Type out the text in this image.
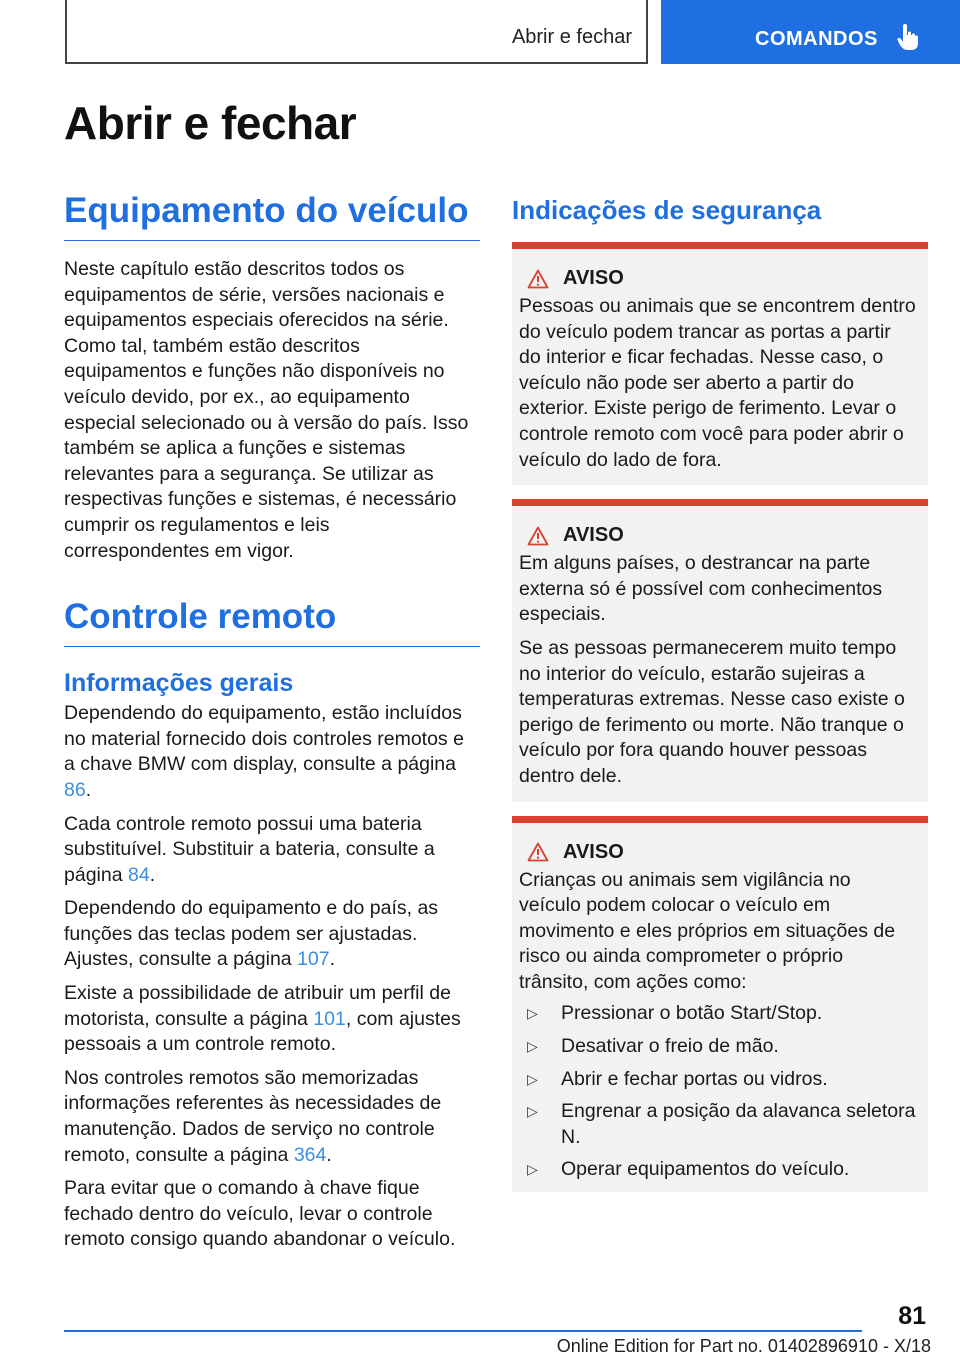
Abrir e fechar	COMANDOS
Abrir e fechar
Equipamento do veículo

Neste capítulo estão descritos todos os equipamentos de série, versões nacionais e equipamentos especiais oferecidos na série. Como tal, também estão descritos equipamentos e funções não disponíveis no veículo devido, por ex., ao equipamento especial selecionado ou à versão do país. Isso também se aplica a funções e sistemas relevantes para a segurança. Se utilizar as respectivas funções e sistemas, é necessário cumprir os regulamentos e leis correspondentes em vigor.

Controle remoto
Informações gerais

Dependendo do equipamento, estão incluídos no material fornecido dois controles remotos e a chave BMW com display, consulte a página 86.

Cada controle remoto possui uma bateria substituível. Substituir a bateria, consulte a página 84.

Dependendo do equipamento e do país, as funções das teclas podem ser ajustadas. Ajustes, consulte a página 107.

Existe a possibilidade de atribuir um perfil de motorista, consulte a página 101, com ajustes pessoais a um controle remoto.

Nos controles remotos são memorizadas informações referentes às necessidades de manutenção. Dados de serviço no controle remoto, consulte a página 364.

Para evitar que o comando à chave fique fechado dentro do veículo, levar o controle remoto consigo quando abandonar o veículo.

Indicações de segurança
AVISO

Pessoas ou animais que se encontrem dentro do veículo podem trancar as portas a partir do interior e ficar fechadas. Nesse caso, o veículo não pode ser aberto a partir do exterior. Existe perigo de ferimento. Levar o controle remoto com você para poder abrir o veículo do lado de fora.

AVISO

Em alguns países, o destrancar na parte externa só é possível com conhecimentos especiais.

Se as pessoas permanecerem muito tempo no interior do veículo, estarão sujeiras a temperaturas extremas. Nesse caso existe o perigo de ferimento ou morte. Não tranque o veículo por fora quando houver pessoas dentro dele.

AVISO

Crianças ou animais sem vigilância no veículo podem colocar o veículo em movimento e eles próprios em situações de risco ou ainda comprometer o próprio trânsito, com ações como:

▷	Pressionar o botão Start/Stop.
▷	Desativar o freio de mão.
▷	Abrir e fechar portas ou vidros.
▷	Engrenar a posição da alavanca seletora N.
▷	Operar equipamentos do veículo.
81
Online Edition for Part no. 01402896910 - X/18
